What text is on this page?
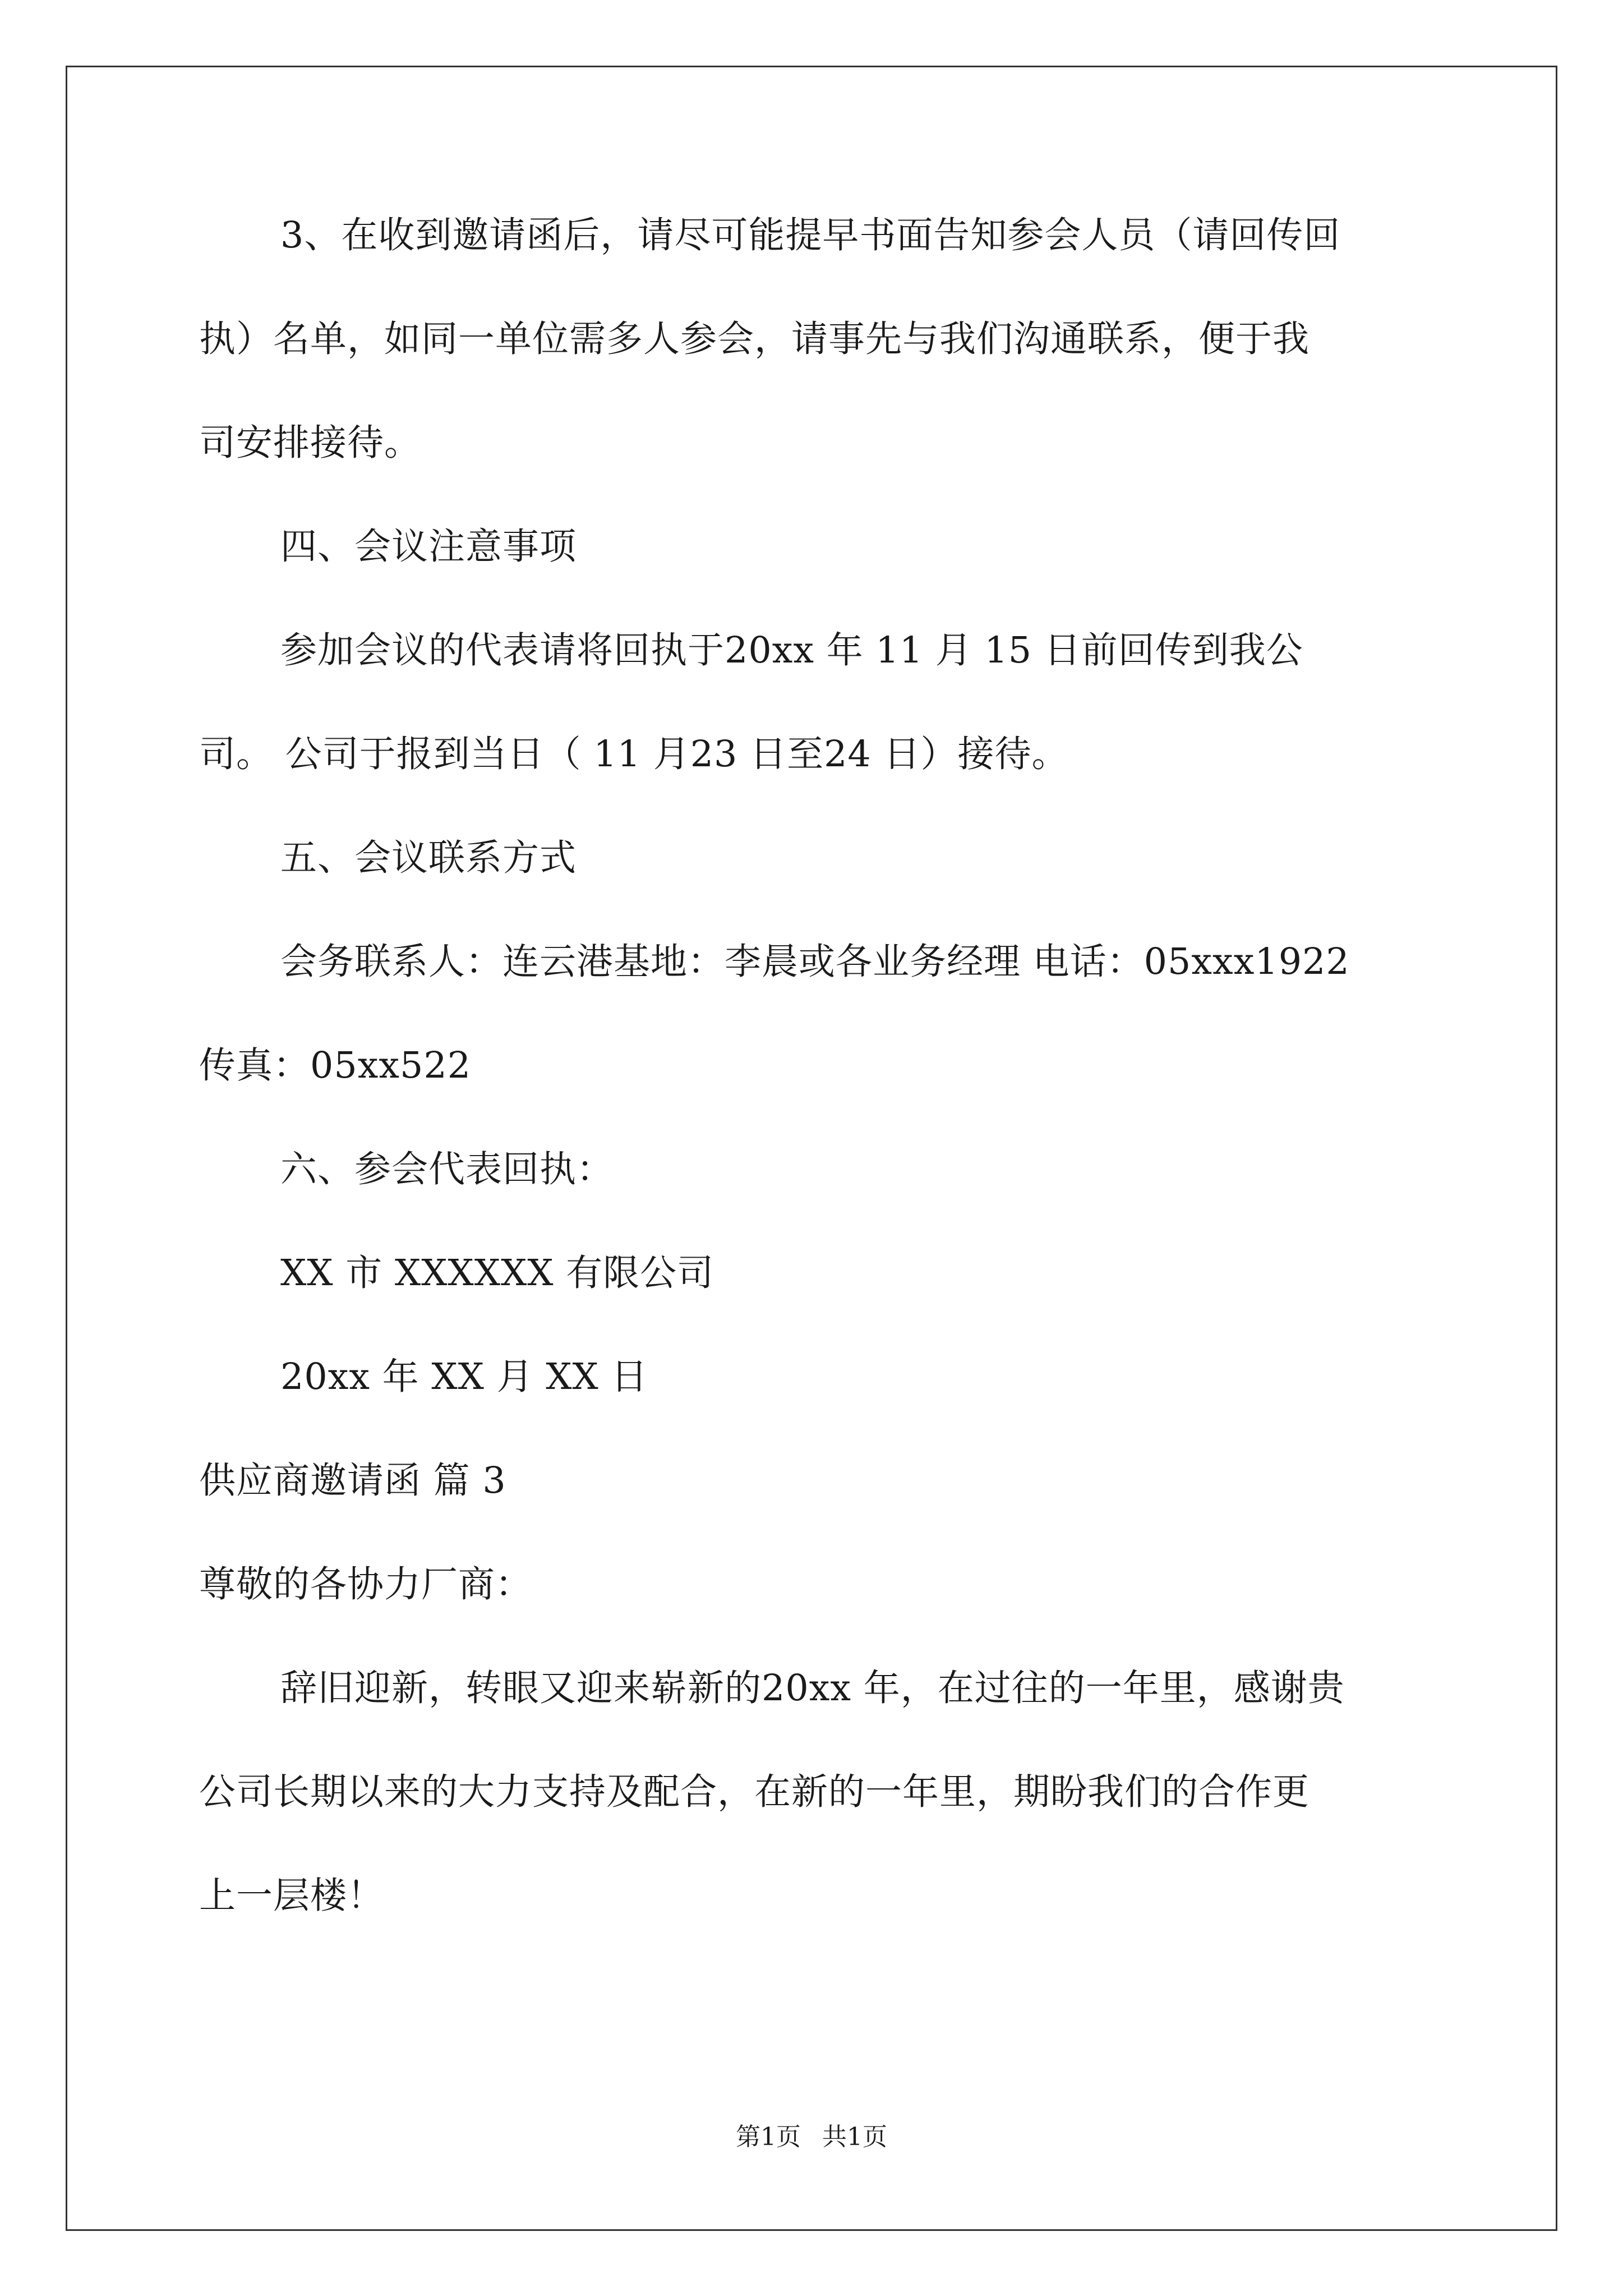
3、在收到邀请函后，请尽可能提早书面告知参会人员（请回传回
执）名单，如同一单位需多人参会，请事先与我们沟通联系，便于我
司安排接待。
四、会议注意事项
参加会议的代表请将回执于20xx 年 11 月 15 日前回传到我公
司。 公司于报到当日（ 11 月23 日至24 日）接待。
五、会议联系方式
会务联系人：连云港基地：李晨或各业务经理 电话：05xxx1922
传真：05xx522
六、参会代表回执：
XX 市 XXXXXX 有限公司
20xx 年 XX 月 XX 日
供应商邀请函 篇 3
尊敬的各协力厂商：
辞旧迎新，转眼又迎来崭新的20xx 年，在过往的一年里，感谢贵
公司长期以来的大力支持及配合，在新的一年里，期盼我们的合作更
上一层楼！
第1页 共1页
